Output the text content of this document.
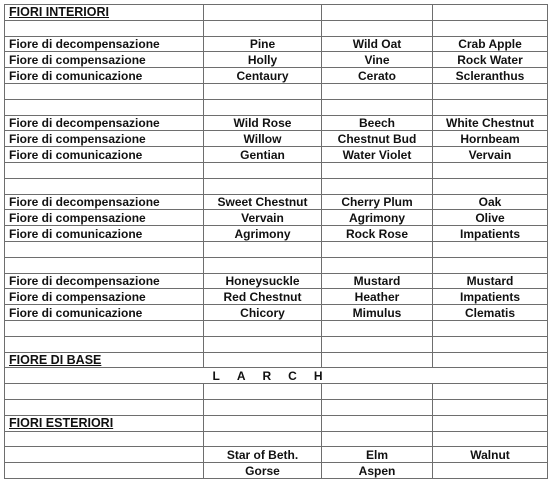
FIORI INTERIORI			

Fiore di decompensazione	Pine	Wild Oat	Crab Apple
Fiore di compensazione	Holly	Vine	Rock Water
Fiore di comunicazione	Centaury	Cerato	Scleranthus

Fiore di decompensazione	Wild Rose	Beech	White Chestnut
Fiore di compensazione	Willow	Chestnut Bud	Hornbeam
Fiore di comunicazione	Gentian	Water Violet	Vervain

Fiore di decompensazione	Sweet Chestnut	Cherry Plum	Oak
Fiore di compensazione	Vervain	Agrimony	Olive
Fiore di comunicazione	Agrimony	Rock Rose	Impatients

Fiore di decompensazione	Honeysuckle	Mustard	Mustard
Fiore di compensazione	Red Chestnut	Heather	Impatients
Fiore di comunicazione	Chicory	Mimulus	Clematis

FIORE DI BASE			
LARCH			

FIORI ESTERIORI			

	Star of Beth.	Elm	Walnut
	Gorse	Aspen	
